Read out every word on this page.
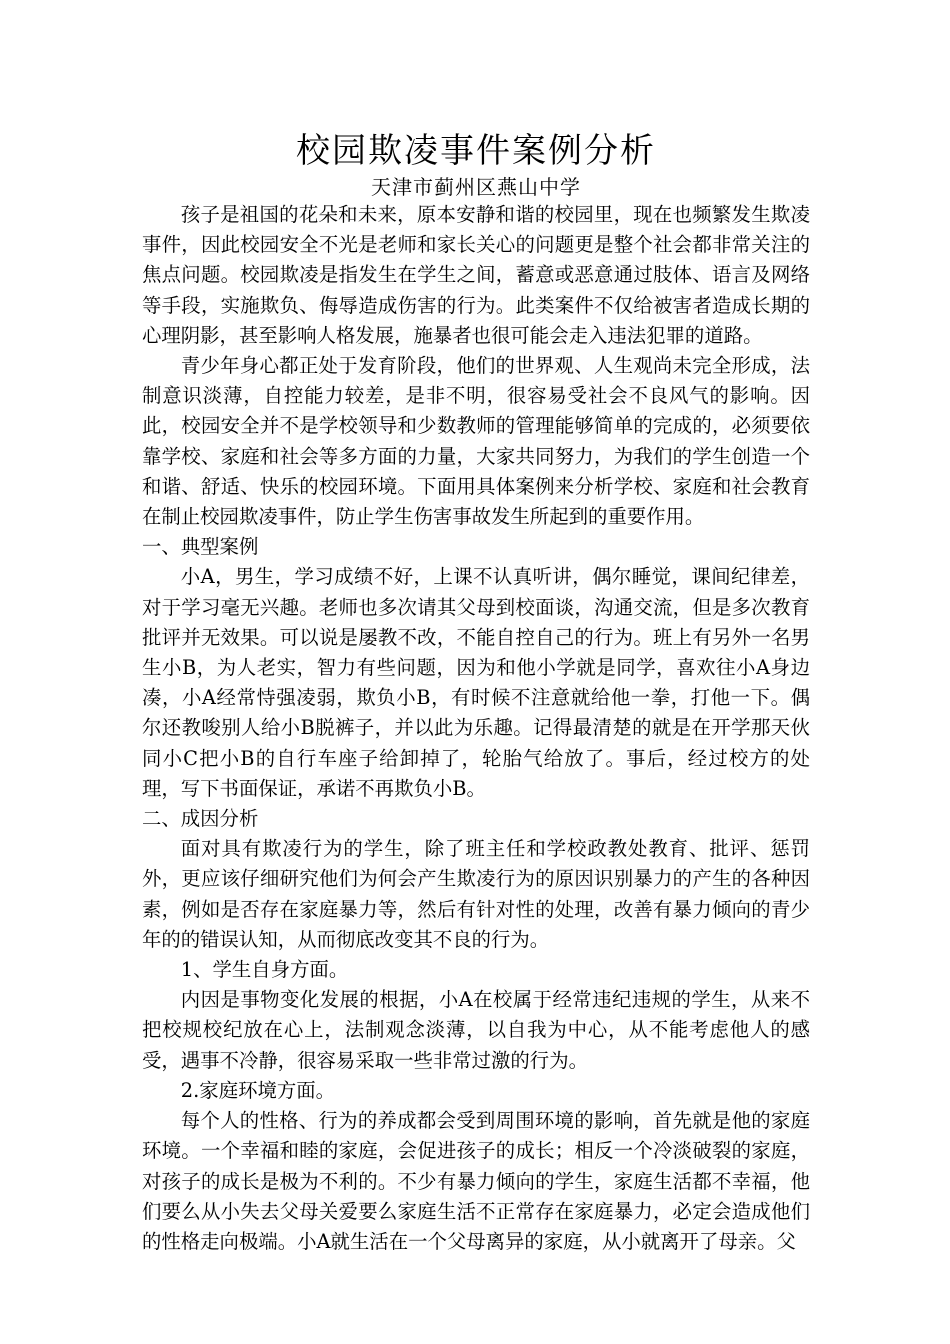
校园欺凌事件案例分析

天津市蓟州区燕山中学

孩子是祖国的花朵和未来，原本安静和谐的校园里，现在也频繁发生欺凌事件，因此校园安全不光是老师和家长关心的问题更是整个社会都非常关注的焦点问题。校园欺凌是指发生在学生之间，蓄意或恶意通过肢体、语言及网络等手段，实施欺负、侮辱造成伤害的行为。此类案件不仅给被害者造成长期的心理阴影，甚至影响人格发展，施暴者也很可能会走入违法犯罪的道路。

青少年身心都正处于发育阶段，他们的世界观、人生观尚未完全形成，法制意识淡薄，自控能力较差，是非不明，很容易受社会不良风气的影响。因此，校园安全并不是学校领导和少数教师的管理能够简单的完成的，必须要依靠学校、家庭和社会等多方面的力量，大家共同努力，为我们的学生创造一个和谐、舒适、快乐的校园环境。下面用具体案例来分析学校、家庭和社会教育在制止校园欺凌事件，防止学生伤害事故发生所起到的重要作用。

一、典型案例

小A，男生，学习成绩不好，上课不认真听讲，偶尔睡觉，课间纪律差，对于学习毫无兴趣。老师也多次请其父母到校面谈，沟通交流，但是多次教育批评并无效果。可以说是屡教不改，不能自控自己的行为。班上有另外一名男生小B，为人老实，智力有些问题，因为和他小学就是同学，喜欢往小A身边凑，小A经常恃强凌弱，欺负小B，有时候不注意就给他一拳，打他一下。偶尔还教唆别人给小B脱裤子，并以此为乐趣。记得最清楚的就是在开学那天伙同小C把小B的自行车座子给卸掉了，轮胎气给放了。事后，经过校方的处理，写下书面保证，承诺不再欺负小B。

二、成因分析

面对具有欺凌行为的学生，除了班主任和学校政教处教育、批评、惩罚外，更应该仔细研究他们为何会产生欺凌行为的原因识别暴力的产生的各种因素，例如是否存在家庭暴力等，然后有针对性的处理，改善有暴力倾向的青少年的的错误认知，从而彻底改变其不良的行为。

1、学生自身方面。

内因是事物变化发展的根据，小A在校属于经常违纪违规的学生，从来不把校规校纪放在心上，法制观念淡薄，以自我为中心，从不能考虑他人的感受，遇事不冷静，很容易采取一些非常过激的行为。

2.家庭环境方面。

每个人的性格、行为的养成都会受到周围环境的影响，首先就是他的家庭环境。一个幸福和睦的家庭，会促进孩子的成长；相反一个冷淡破裂的家庭，对孩子的成长是极为不利的。不少有暴力倾向的学生，家庭生活都不幸福，他们要么从小失去父母关爱要么家庭生活不正常存在家庭暴力，必定会造成他们的性格走向极端。小A就生活在一个父母离异的家庭，从小就离开了母亲。父
